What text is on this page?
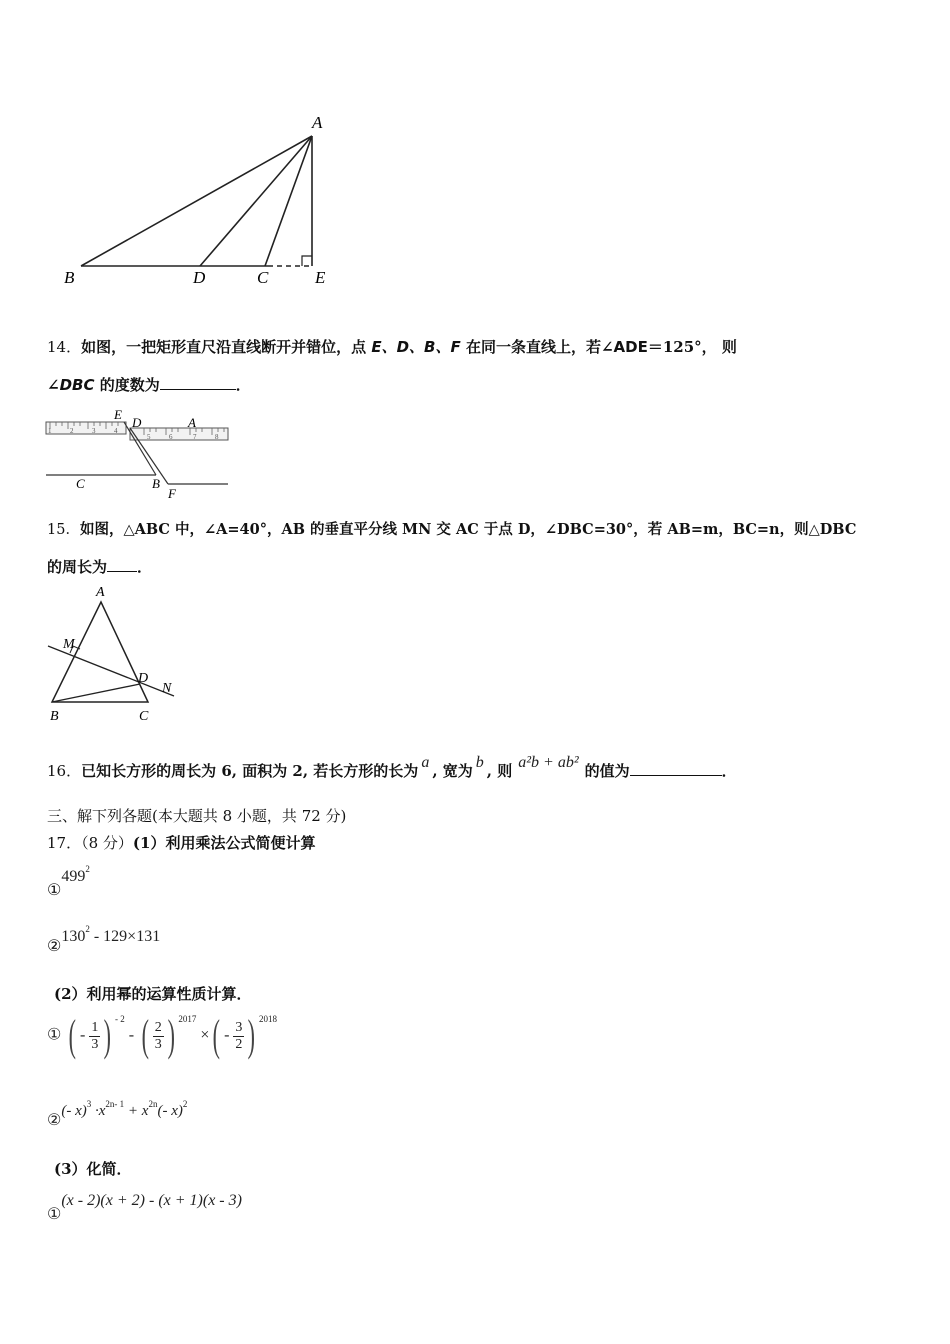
A
B	D	C	E
14．如图，一把矩形直尺沿直线断开并错位，点 E、D、B、F 在同一条直线上，若∠ADE＝125°， 则
∠DBC 的度数为	．
1	2	3	4
5	6	7	8
E
D	A
C	B
F
15．如图，△ABC 中，∠A=40°，AB 的垂直平分线 MN 交 AC 于点 D，∠DBC=30°，若 AB=m，BC=n，则△DBC
的周长为 ．
A
M
D
N
B	C
16．已知长方形的周长为 6, 面积为 2, 若长方形的长为 a , 宽为 b , 则 a²b + ab² 的值为	．
三、解下列各题(本大题共 8 小题，共 72 分)
17．（8 分）(1）利用乘法公式简便计算
$①499^2$
$②130^2 - 129\times 131$
(2）利用幂的运算性质计算．
① ( - $\frac{1}{3}$ ) $^{- 2}$ - ( $\frac{2}{3}$ ) $^{2017}$ ×( - $\frac{3}{2}$ ) $^{2018}$
②(- $x)^3 \cdot x^{2n- 1} + x^{2n}(-$ x)$^2$
(3）化简．
①(x - 2)(x + 2) - (x + 1)(x - 3)
